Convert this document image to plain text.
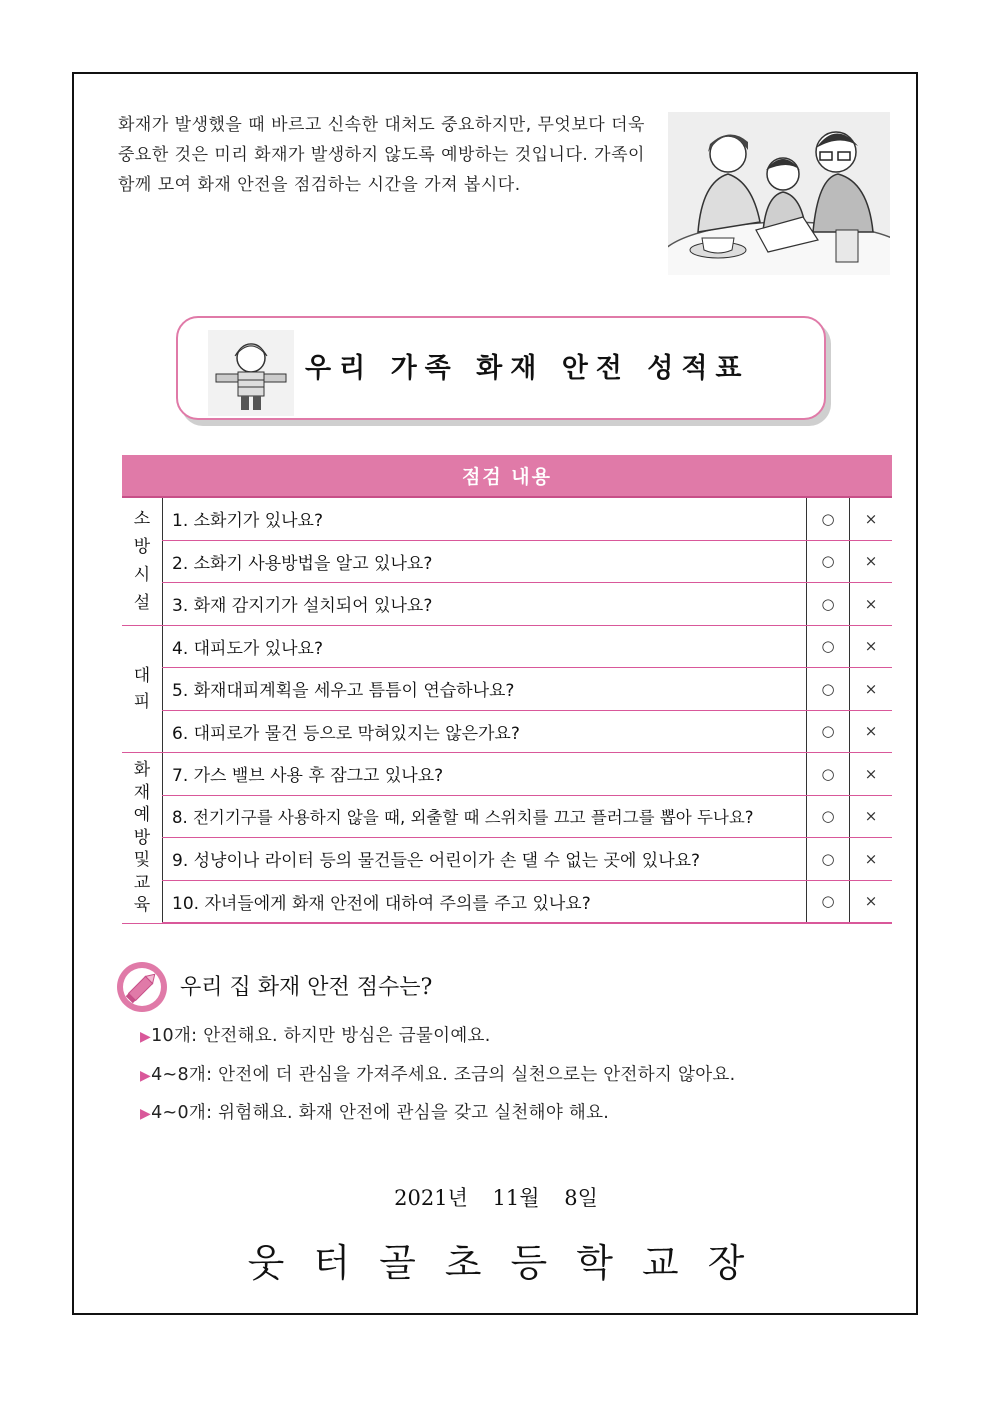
화재가 발생했을 때 바르고 신속한 대처도 중요하지만, 무엇보다 더욱 중요한 것은 미리 화재가 발생하지 않도록 예방하는 것입니다. 가족이 함께 모여 화재 안전을 점검하는 시간을 가져 봅시다.

우리 가족 화재 안전 성적표
점검 내용			
소방시설	1. 소화기가 있나요?	○	×
	2. 소화기 사용방법을 알고 있나요?	○	×
	3. 화재 감지기가 설치되어 있나요?	○	×
대피	4. 대피도가 있나요?	○	×
	5. 화재대피계획을 세우고 틈틈이 연습하나요?	○	×
	6. 대피로가 물건 등으로 막혀있지는 않은가요?	○	×
화재예방및교육	7. 가스 밸브 사용 후 잠그고 있나요?	○	×
	8. 전기기구를 사용하지 않을 때, 외출할 때 스위치를 끄고 플러그를 뽑아 두나요?	○	×
	9. 성냥이나 라이터 등의 물건들은 어린이가 손 댈 수 없는 곳에 있나요?	○	×
	10. 자녀들에게 화재 안전에 대하여 주의를 주고 있나요?	○	×
우리 집 화재 안전 점수는?
▶10개: 안전해요. 하지만 방심은 금물이예요.
▶4~8개: 안전에 더 관심을 가져주세요. 조금의 실천으로는 안전하지 않아요.
▶4~0개: 위험해요. 화재 안전에 관심을 갖고 실천해야 해요.
2021년 11월 8일
웃터골초등학교장
